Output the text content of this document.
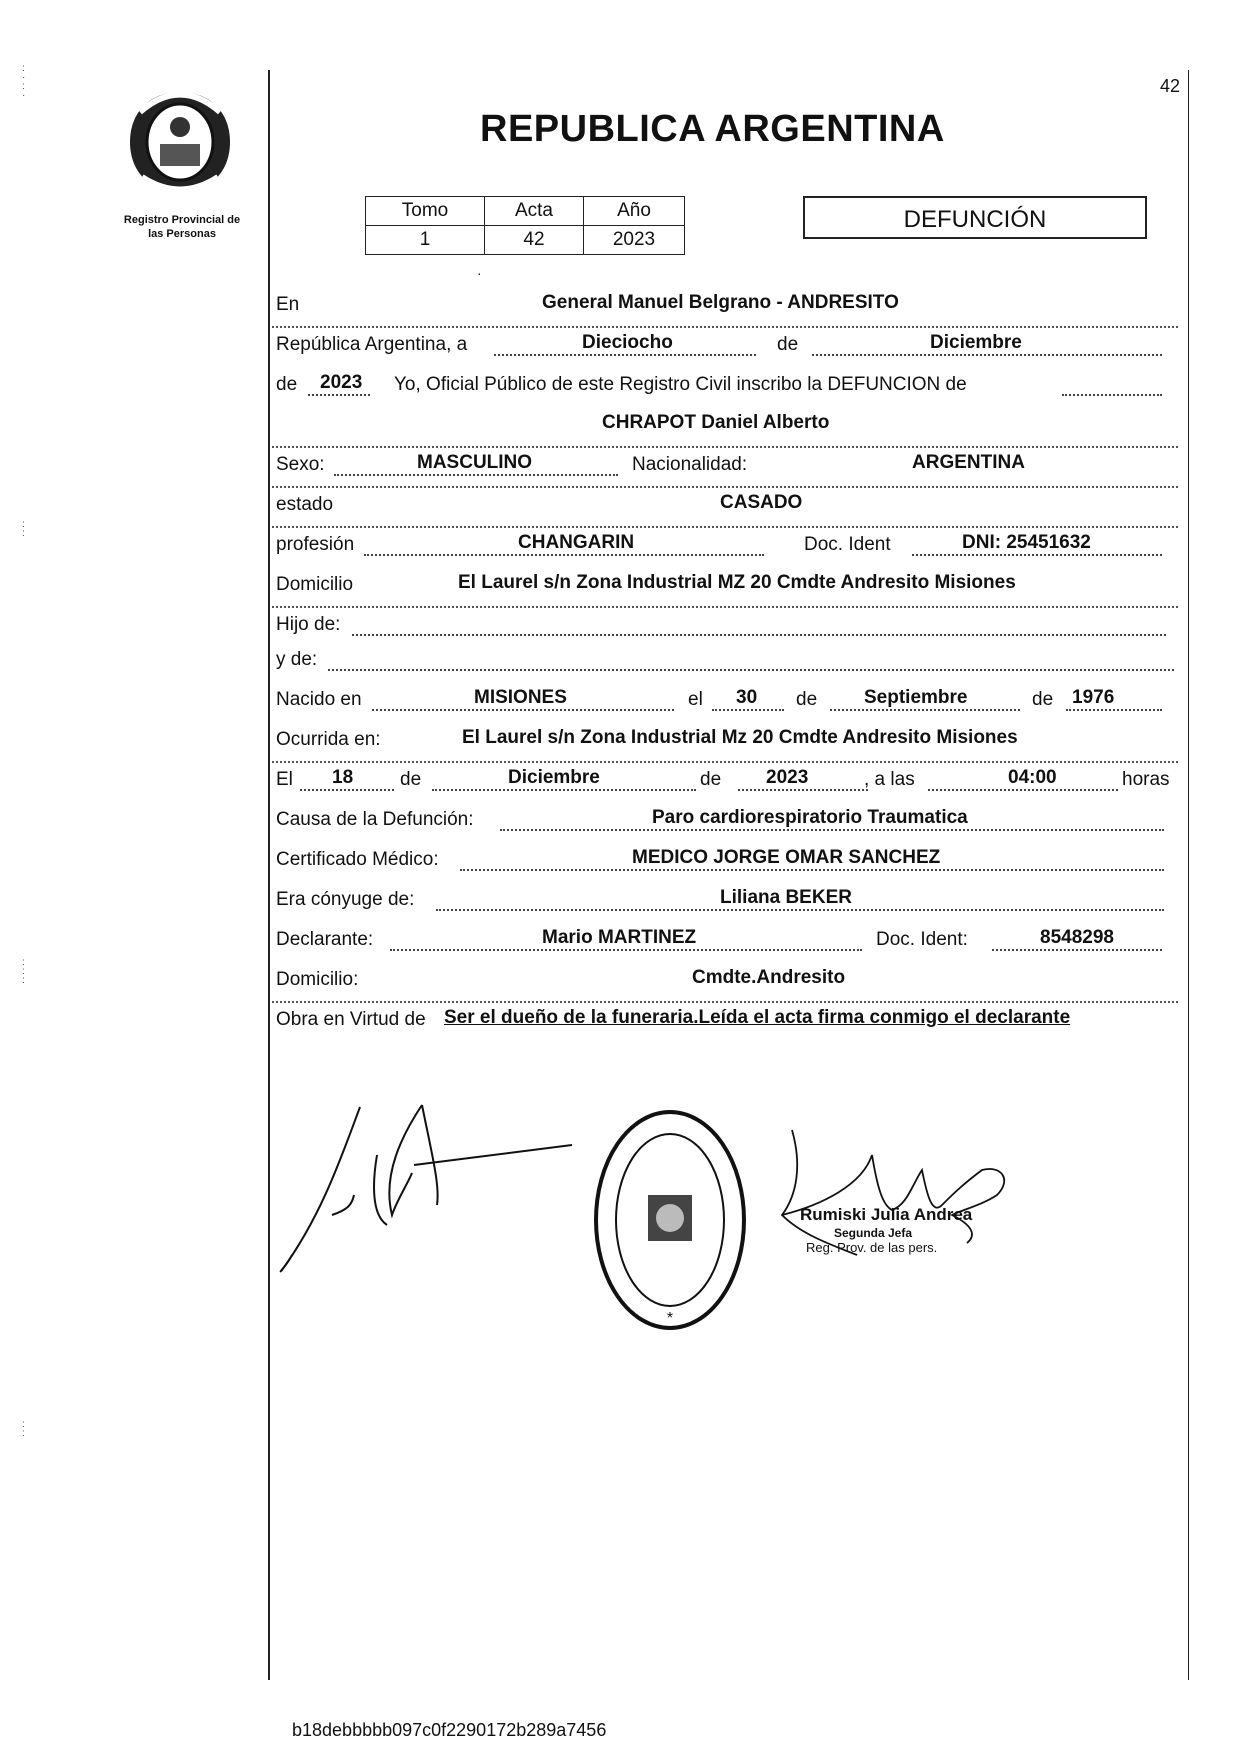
: ·
: ·
:
:
:
:
:
:
:
Registro Provincial de
las Personas
42
REPUBLICA ARGENTINA
Tomo	Acta	Año
1	42	2023
DEFUNCIÓN
·
En	General Manuel Belgrano - ANDRESITO
República Argentina, a	Dieciocho	de	Diciembre
de 2023 Yo, Oficial Público de este Registro Civil inscribo la DEFUNCION de
CHRAPOT Daniel Alberto
Sexo:	MASCULINO	Nacionalidad:	ARGENTINA
estado	CASADO
profesión	CHANGARIN	Doc. Ident	DNI: 25451632
Domicilio	El Laurel s/n Zona Industrial MZ 20 Cmdte Andresito Misiones
Hijo de:
y de:
Nacido en	MISIONES	el 30 de Septiembre	de 1976
Ocurrida en:	El Laurel s/n Zona Industrial Mz 20 Cmdte Andresito Misiones
El 18 de	Diciembre	de 2023	, a las	04:00	horas
Causa de la Defunción:	Paro cardiorespiratorio Traumatica
Certificado Médico:	MEDICO JORGE OMAR SANCHEZ
Era cónyuge de:	Liliana BEKER
Declarante:	Mario MARTINEZ	Doc. Ident:	8548298
Domicilio:	Cmdte.Andresito
Obra en Virtud de Ser el dueño de la funeraria.Leída el acta firma conmigo el declarante
*
Rumiski Julia Andrea
Segunda Jefa
Reg. Prov. de las pers.
b18debbbbb097c0f2290172b289a7456
